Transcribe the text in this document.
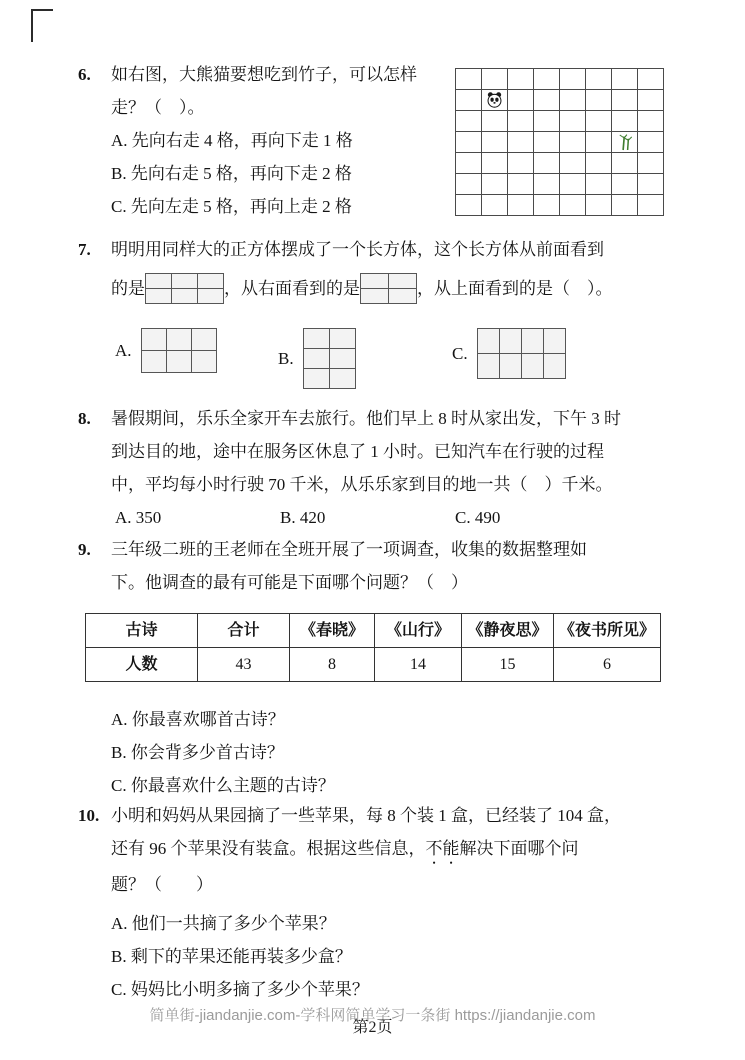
6. 如右图，大熊猫要想吃到竹子，可以怎样
走？（　）。
A. 先向右走 4 格，再向下走 1 格
B. 先向右走 5 格，再向下走 2 格
C. 先向左走 5 格，再向上走 2 格
7. 明明用同样大的正方体摆成了一个长方体，这个长方体从前面看到
的是	，从右面看到的是	，从上面看到的是（　）。
A.	B.	C.
8. 暑假期间，乐乐全家开车去旅行。他们早上 8 时从家出发，下午 3 时
到达目的地，途中在服务区休息了 1 小时。已知汽车在行驶的过程
中，平均每小时行驶 70 千米，从乐乐家到目的地一共（　）千米。
A. 350	B. 420	C. 490
9. 三年级二班的王老师在全班开展了一项调查，收集的数据整理如
下。他调查的最有可能是下面哪个问题？（　）
古诗	合计	《春晓》	《山行》	《静夜思》	《夜书所见》
人数	43	8	14	15	6
A. 你最喜欢哪首古诗？
B. 你会背多少首古诗？
C. 你最喜欢什么主题的古诗？
10. 小明和妈妈从果园摘了一些苹果，每 8 个装 1 盒，已经装了 104 盒，
还有 96 个苹果没有装盒。根据这些信息，不能解决下面哪个问
题？（　　）
A. 他们一共摘了多少个苹果？
B. 剩下的苹果还能再装多少盒？
C. 妈妈比小明多摘了多少个苹果？
简单街-jiandanjie.com-学科网简单学习一条街 https://jiandanjie.com
第2页
